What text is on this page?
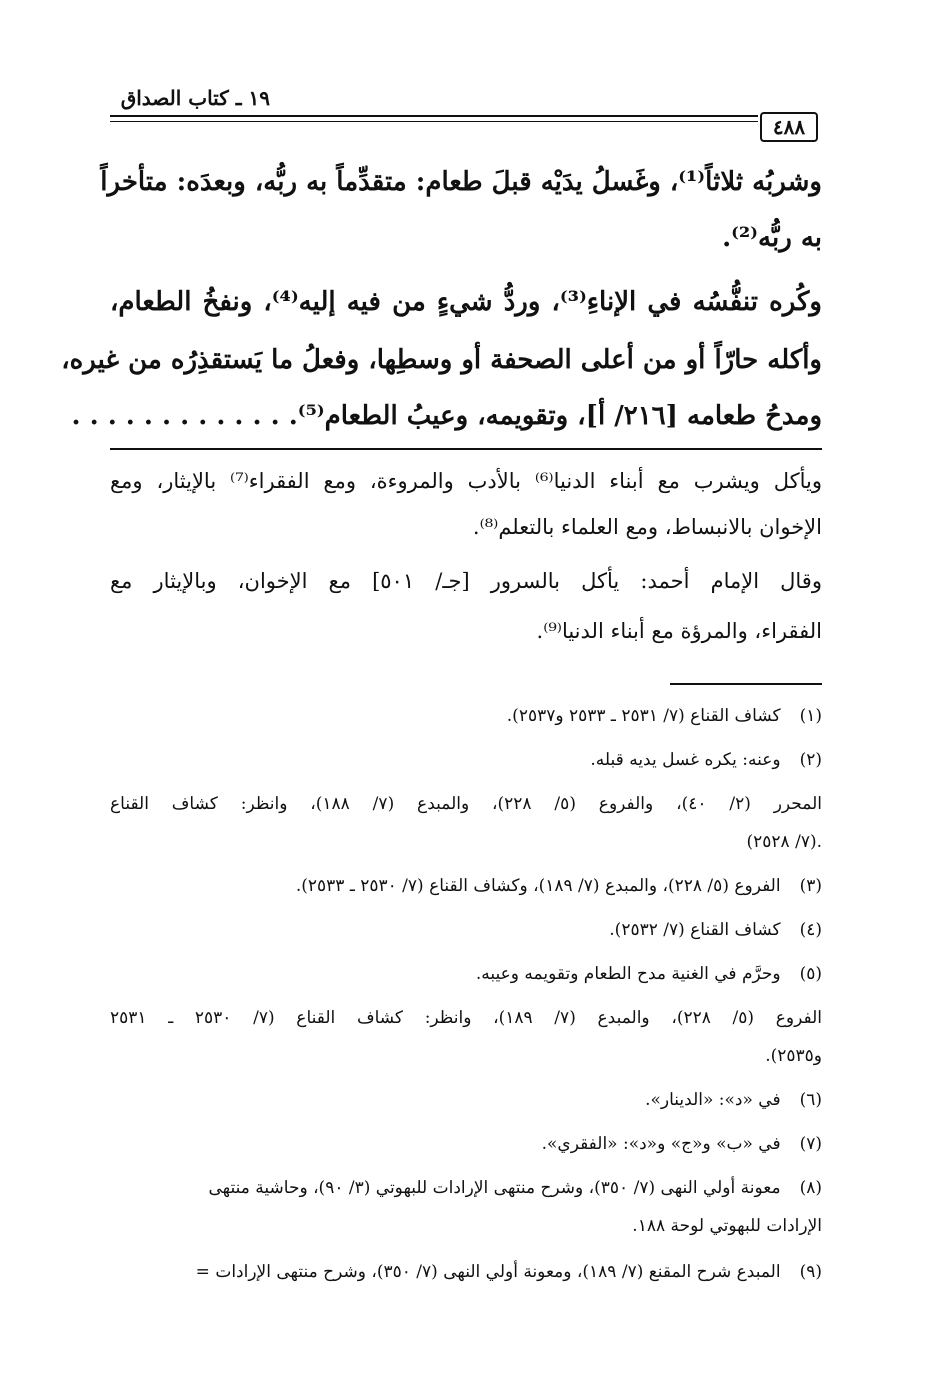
١٩ ـ كتاب الصداق
٤٨٨
وشربُه ثلاثاً⁽¹⁾، وغَسلُ يدَيْه قبلَ طعام: متقدِّماً به ربُّه، وبعدَه: متأخراً
به ربُّه⁽²⁾.
وكُره تنفُّسُه في الإناءِ⁽³⁾، وردُّ شيءٍ من فيه إليه⁽⁴⁾، ونفخُ الطعام،
وأكله حارّاً أو من أعلى الصحفة أو وسطِها، وفعلُ ما يَستقذِرُه من غيره،
ومدحُ طعامه [٢١٦/ أ]، وتقويمه، وعيبُ الطعام⁽⁵⁾. . . . . . . . . . . . .
ويأكل ويشرب مع أبناء الدنيا⁽⁶⁾ بالأدب والمروءة، ومع الفقراء⁽⁷⁾ بالإيثار، ومع
الإخوان بالانبساط، ومع العلماء بالتعلم⁽⁸⁾.
وقال الإمام أحمد: يأكل بالسرور [جـ/ ٥٠١] مع الإخوان، وبالإيثار مع
الفقراء، والمرؤة مع أبناء الدنيا⁽⁹⁾.
(١) كشاف القناع (٧/ ٢٥٣١ ـ ٢٥٣٣ و٢٥٣٧).
(٢) وعنه: يكره غسل يديه قبله.
المحرر (٢/ ٤٠)، والفروع (٥/ ٢٢٨)، والمبدع (٧/ ١٨٨)، وانظر: كشاف القناع
(٧/ ٢٥٢٨).
(٣) الفروع (٥/ ٢٢٨)، والمبدع (٧/ ١٨٩)، وكشاف القناع (٧/ ٢٥٣٠ ـ ٢٥٣٣).
(٤) كشاف القناع (٧/ ٢٥٣٢).
(٥) وحرَّم في الغنية مدح الطعام وتقويمه وعيبه.
الفروع (٥/ ٢٢٨)، والمبدع (٧/ ١٨٩)، وانظر: كشاف القناع (٧/ ٢٥٣٠ ـ ٢٥٣١
و٢٥٣٥).
(٦) في «د»: «الدينار».
(٧) في «ب» و«ج» و«د»: «الفقري».
(٨) معونة أولي النهى (٧/ ٣٥٠)، وشرح منتهى الإرادات للبهوتي (٣/ ٩٠)، وحاشية منتهى
الإرادات للبهوتي لوحة ١٨٨.
(٩) المبدع شرح المقنع (٧/ ١٨٩)، ومعونة أولي النهى (٧/ ٣٥٠)، وشرح منتهى الإرادات =
